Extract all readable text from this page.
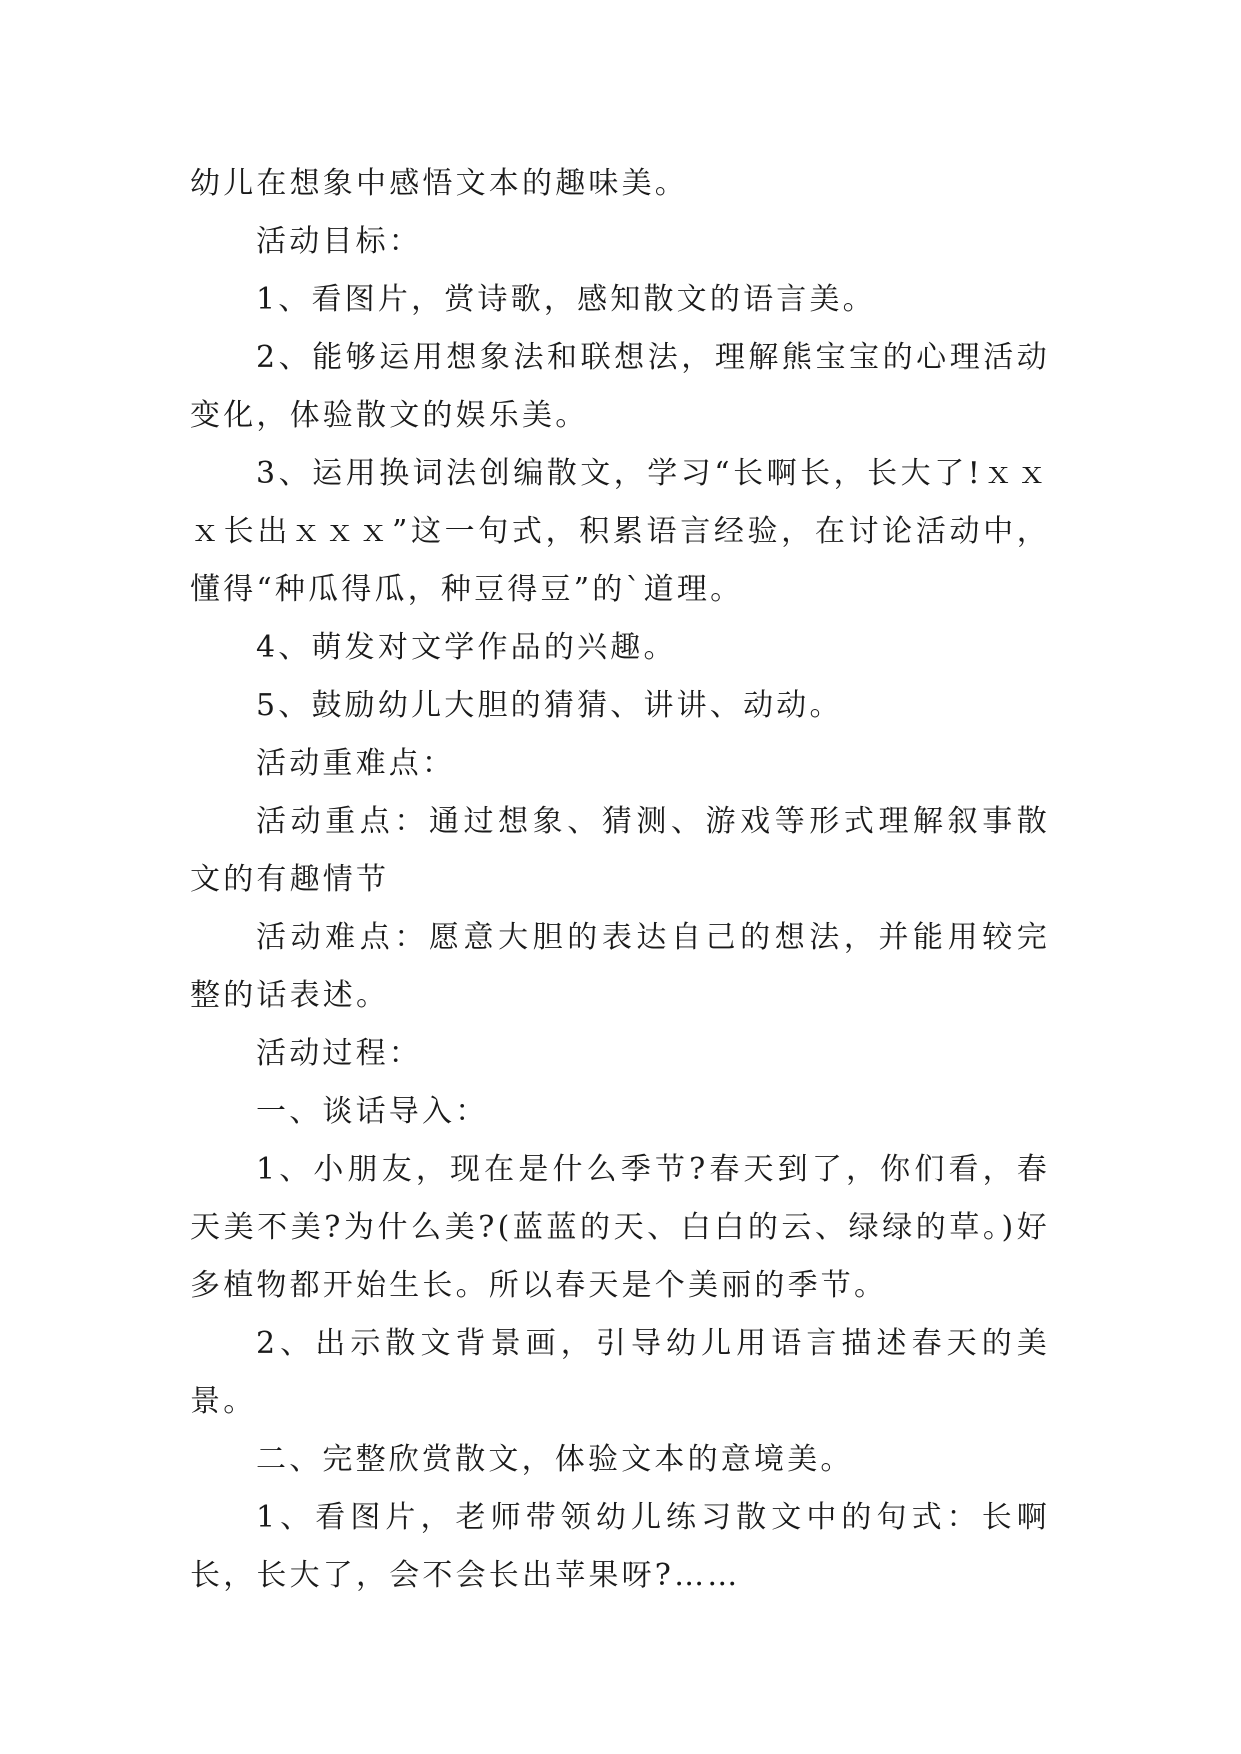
幼儿在想象中感悟文本的趣味美。

活动目标：

1、看图片，赏诗歌，感知散文的语言美。

2、能够运用想象法和联想法，理解熊宝宝的心理活动变化，体验散文的娱乐美。

3、运用换词法创编散文，学习“长啊长，长大了!ｘｘｘ长出ｘｘｘ”这一句式，积累语言经验，在讨论活动中，懂得“种瓜得瓜，种豆得豆”的`道理。

4、萌发对文学作品的兴趣。

5、鼓励幼儿大胆的猜猜、讲讲、动动。

活动重难点：

活动重点：通过想象、猜测、游戏等形式理解叙事散文的有趣情节

活动难点：愿意大胆的表达自己的想法，并能用较完整的话表述。

活动过程：

一、谈话导入：

1、小朋友，现在是什么季节?春天到了，你们看，春天美不美?为什么美?(蓝蓝的天、白白的云、绿绿的草。)好多植物都开始生长。所以春天是个美丽的季节。

2、出示散文背景画，引导幼儿用语言描述春天的美景。

二、完整欣赏散文，体验文本的意境美。

1、看图片，老师带领幼儿练习散文中的句式：长啊长，长大了，会不会长出苹果呀?……
